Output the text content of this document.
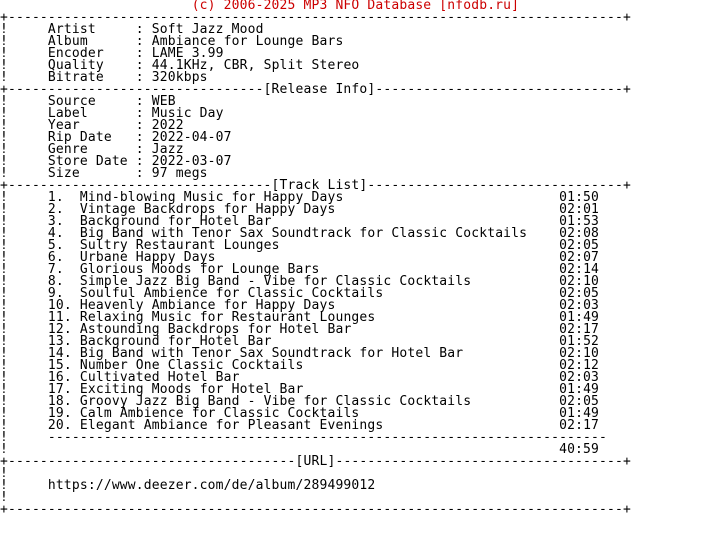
(c) 2006-2025 MP3 NFO Database [nfodb.ru]
+-----------------------------------------------------------------------------+
!     Artist     : Soft Jazz Mood
!     Album      : Ambiance for Lounge Bars
!     Encoder    : LAME 3.99
!     Quality    : 44.1KHz, CBR, Split Stereo
!     Bitrate    : 320kbps
+--------------------------------[Release Info]-------------------------------+
!     Source     : WEB
!     Label      : Music Day
!     Year       : 2022
!     Rip Date   : 2022-04-07
!     Genre      : Jazz
!     Store Date : 2022-03-07
!     Size       : 97 megs
+---------------------------------[Track List]--------------------------------+
!     1. Mind-blowing Music for Happy Days	01:50
!     2. Vintage Backdrops for Happy Days	02:01
!     3. Background for Hotel Bar	01:53
!     4. Big Band with Tenor Sax Soundtrack for Classic Cocktails 02:08
!     5. Sultry Restaurant Lounges	02:05
!     6. Urbane Happy Days	02:07
!     7. Glorious Moods for Lounge Bars	02:14
!     8. Simple Jazz Big Band - Vibe for Classic Cocktails	02:10
!     9. Soulful Ambience for Classic Cocktails	02:05
!     10. Heavenly Ambiance for Happy Days	02:03
!     11. Relaxing Music for Restaurant Lounges	01:49
!     12. Astounding Backdrops for Hotel Bar	02:17
!     13. Background for Hotel Bar	01:52
!     14. Big Band with Tenor Sax Soundtrack for Hotel Bar	02:10
!     15. Number One Classic Cocktails	02:12
!     16. Cultivated Hotel Bar	02:03
!     17. Exciting Moods for Hotel Bar	01:49
!     18. Groovy Jazz Big Band - Vibe for Classic Cocktails	02:05
!     19. Calm Ambience for Classic Cocktails	01:49
!     20. Elegant Ambiance for Pleasant Evenings	02:17
!     ----------------------------------------------------------------------
!                                                                     40:59
+------------------------------------[URL]------------------------------------+
!
!     https://www.deezer.com/de/album/289499012
!
+-----------------------------------------------------------------------------+
